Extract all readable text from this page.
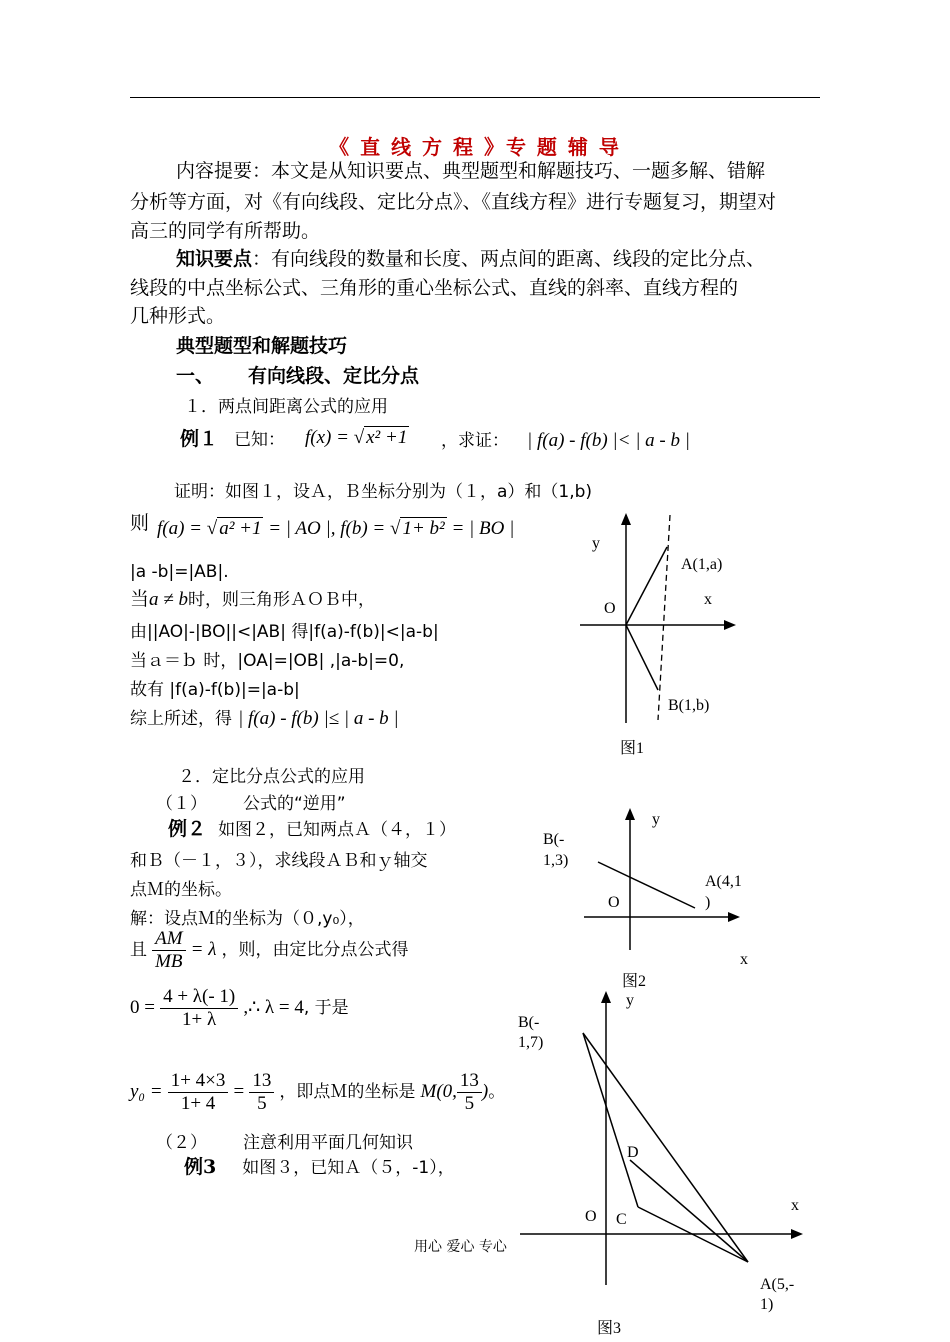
《 直 线 方 程 》专 题 辅 导
内容提要：本文是从知识要点、典型题型和解题技巧、一题多解、错解
分析等方面，对《有向线段、定比分点》、《直线方程》进行专题复习，期望对
高三的同学有所帮助。
知识要点：有向线段的数量和长度、两点间的距离、线段的定比分点、
线段的中点坐标公式、三角形的重心坐标公式、直线的斜率、直线方程的
几种形式。
典型题型和解题技巧
一、 有向线段、定比分点
１．两点间距离公式的应用
例１ 已知： f(x) = √ x² +1 ，求证： | f(a) - f(b) |< | a - b |
证明：如图１，设Ａ，Ｂ坐标分别为（１，a）和（1,b)
则 f(a) = √ a² +1 = | AO |, f(b) = √ 1+ b² = | BO |
|a -b|=|AB|.
当a ≠ b时，则三角形ＡＯＢ中，
由||AO|-|BO||<|AB| 得|f(a)-f(b)|<|a-b|
当ａ＝ｂ 时，|OA|=|OB| ,|a-b|=0,
故有 |f(a)-f(b)|=|a-b|
综上所述，得 | f(a) - f(b) |≤ | a - b |
y
x
O
A(1,a)
B(1,b)
图1
２．定比分点公式的应用
（１） 公式的“逆用”
例２ 如图２，已知两点Ａ（４，１）
和Ｂ（－１，３），求线段ＡＢ和ｙ轴交
点Ｍ的坐标。
解：设点Ｍ的坐标为（０,y₀），
且 $\frac{AM}{MB} = \lambda$ ，则，由定比分点公式得
$0 = \frac{4 + \lambda(- 1)}{1+ \lambda}$ ,∴ λ = 4, 于是
$y_0 = \frac{1+ 4\times 3}{1+ 4} = \frac{13}{5}$ ，即点Ｍ的坐标是 M(0, $\frac{13}{5}$ )。
y
x
O
B(-
1,3)
A(4,1
)
图2
（２） 注意利用平面几何知识
例3 如图３，已知Ａ（５，-1），
y
x
O
B(-
1,7)
D
C
A(5,-
1)
图3
用心 爱心 专心
